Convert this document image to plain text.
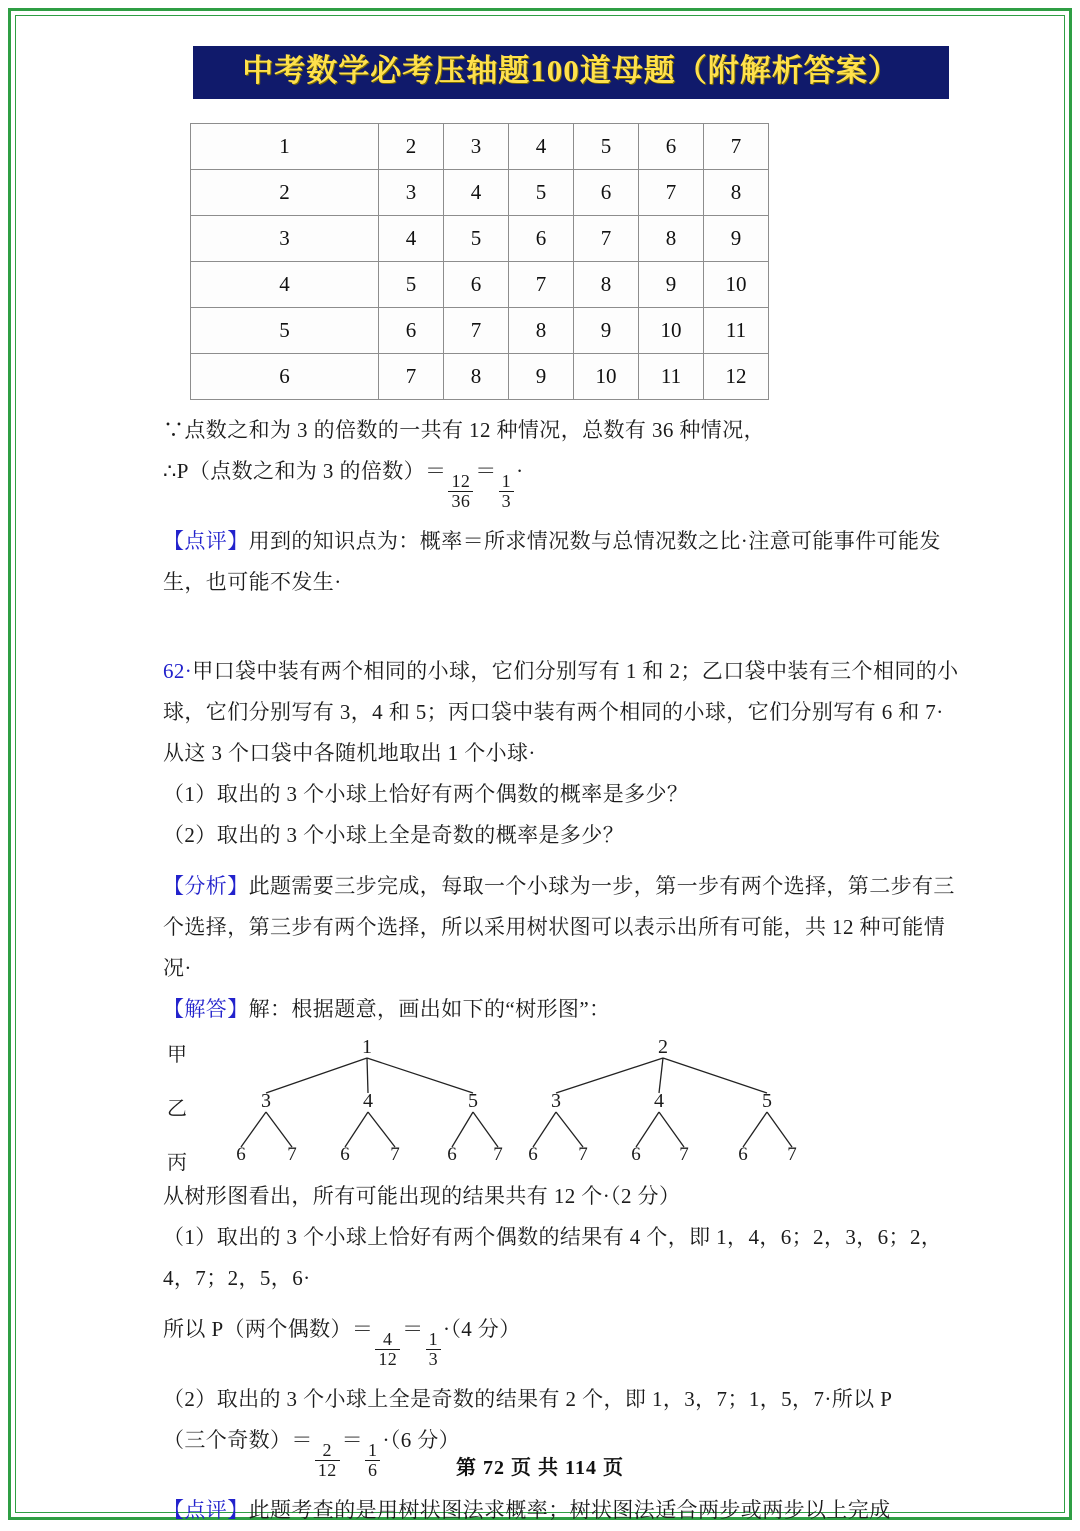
中考数学必考压轴题100道母题（附解析答案）
1	2	3	4	5	6	7
2	3	4	5	6	7	8
3	4	5	6	7	8	9
4	5	6	7	8	9	10
5	6	7	8	9	10	11
6	7	8	9	10	11	12

∵点数之和为 3 的倍数的一共有 12 种情况，总数有 36 种情况，

∴P（点数之和为 3 的倍数）＝
$\frac{12}{36}$
＝
$\frac{1}{3}$
·

【点评】用到的知识点为：概率＝所求情况数与总情况数之比·注意可能事件可能发生，也可能不发生·

62·甲口袋中装有两个相同的小球，它们分别写有 1 和 2；乙口袋中装有三个相同的小球，它们分别写有 3，4 和 5；丙口袋中装有两个相同的小球，它们分别写有 6 和 7·从这 3 个口袋中各随机地取出 1 个小球·

（1）取出的 3 个小球上恰好有两个偶数的概率是多少？

（2）取出的 3 个小球上全是奇数的概率是多少？

【分析】此题需要三步完成，每取一个小球为一步，第一步有两个选择，第二步有三个选择，第三步有两个选择，所以采用树状图可以表示出所有可能，共 12 种可能情况·

【解答】解：根据题意，画出如下的“树形图”：

甲
乙
丙
1
3
6 7
4
6 7
5
6 7
2
3
6 7
4
6 7
5
6 7

从树形图看出，所有可能出现的结果共有 12 个·（2 分）

（1）取出的 3 个小球上恰好有两个偶数的结果有 4 个，即 1，4，6；2，3，6；2，4，7；2，5，6·

所以 P（两个偶数）＝
$\frac{4}{12}$
＝
$\frac{1}{3}$
·（4 分）

（2）取出的 3 个小球上全是奇数的结果有 2 个，即 1，3，7；1，5，7·所以 P

（三个奇数）＝
$\frac{2}{12}$
＝
$\frac{1}{6}$
·（6 分）

【点评】此题考查的是用树状图法求概率；树状图法适合两步或两步以上完成

第 72 页 共 114 页
